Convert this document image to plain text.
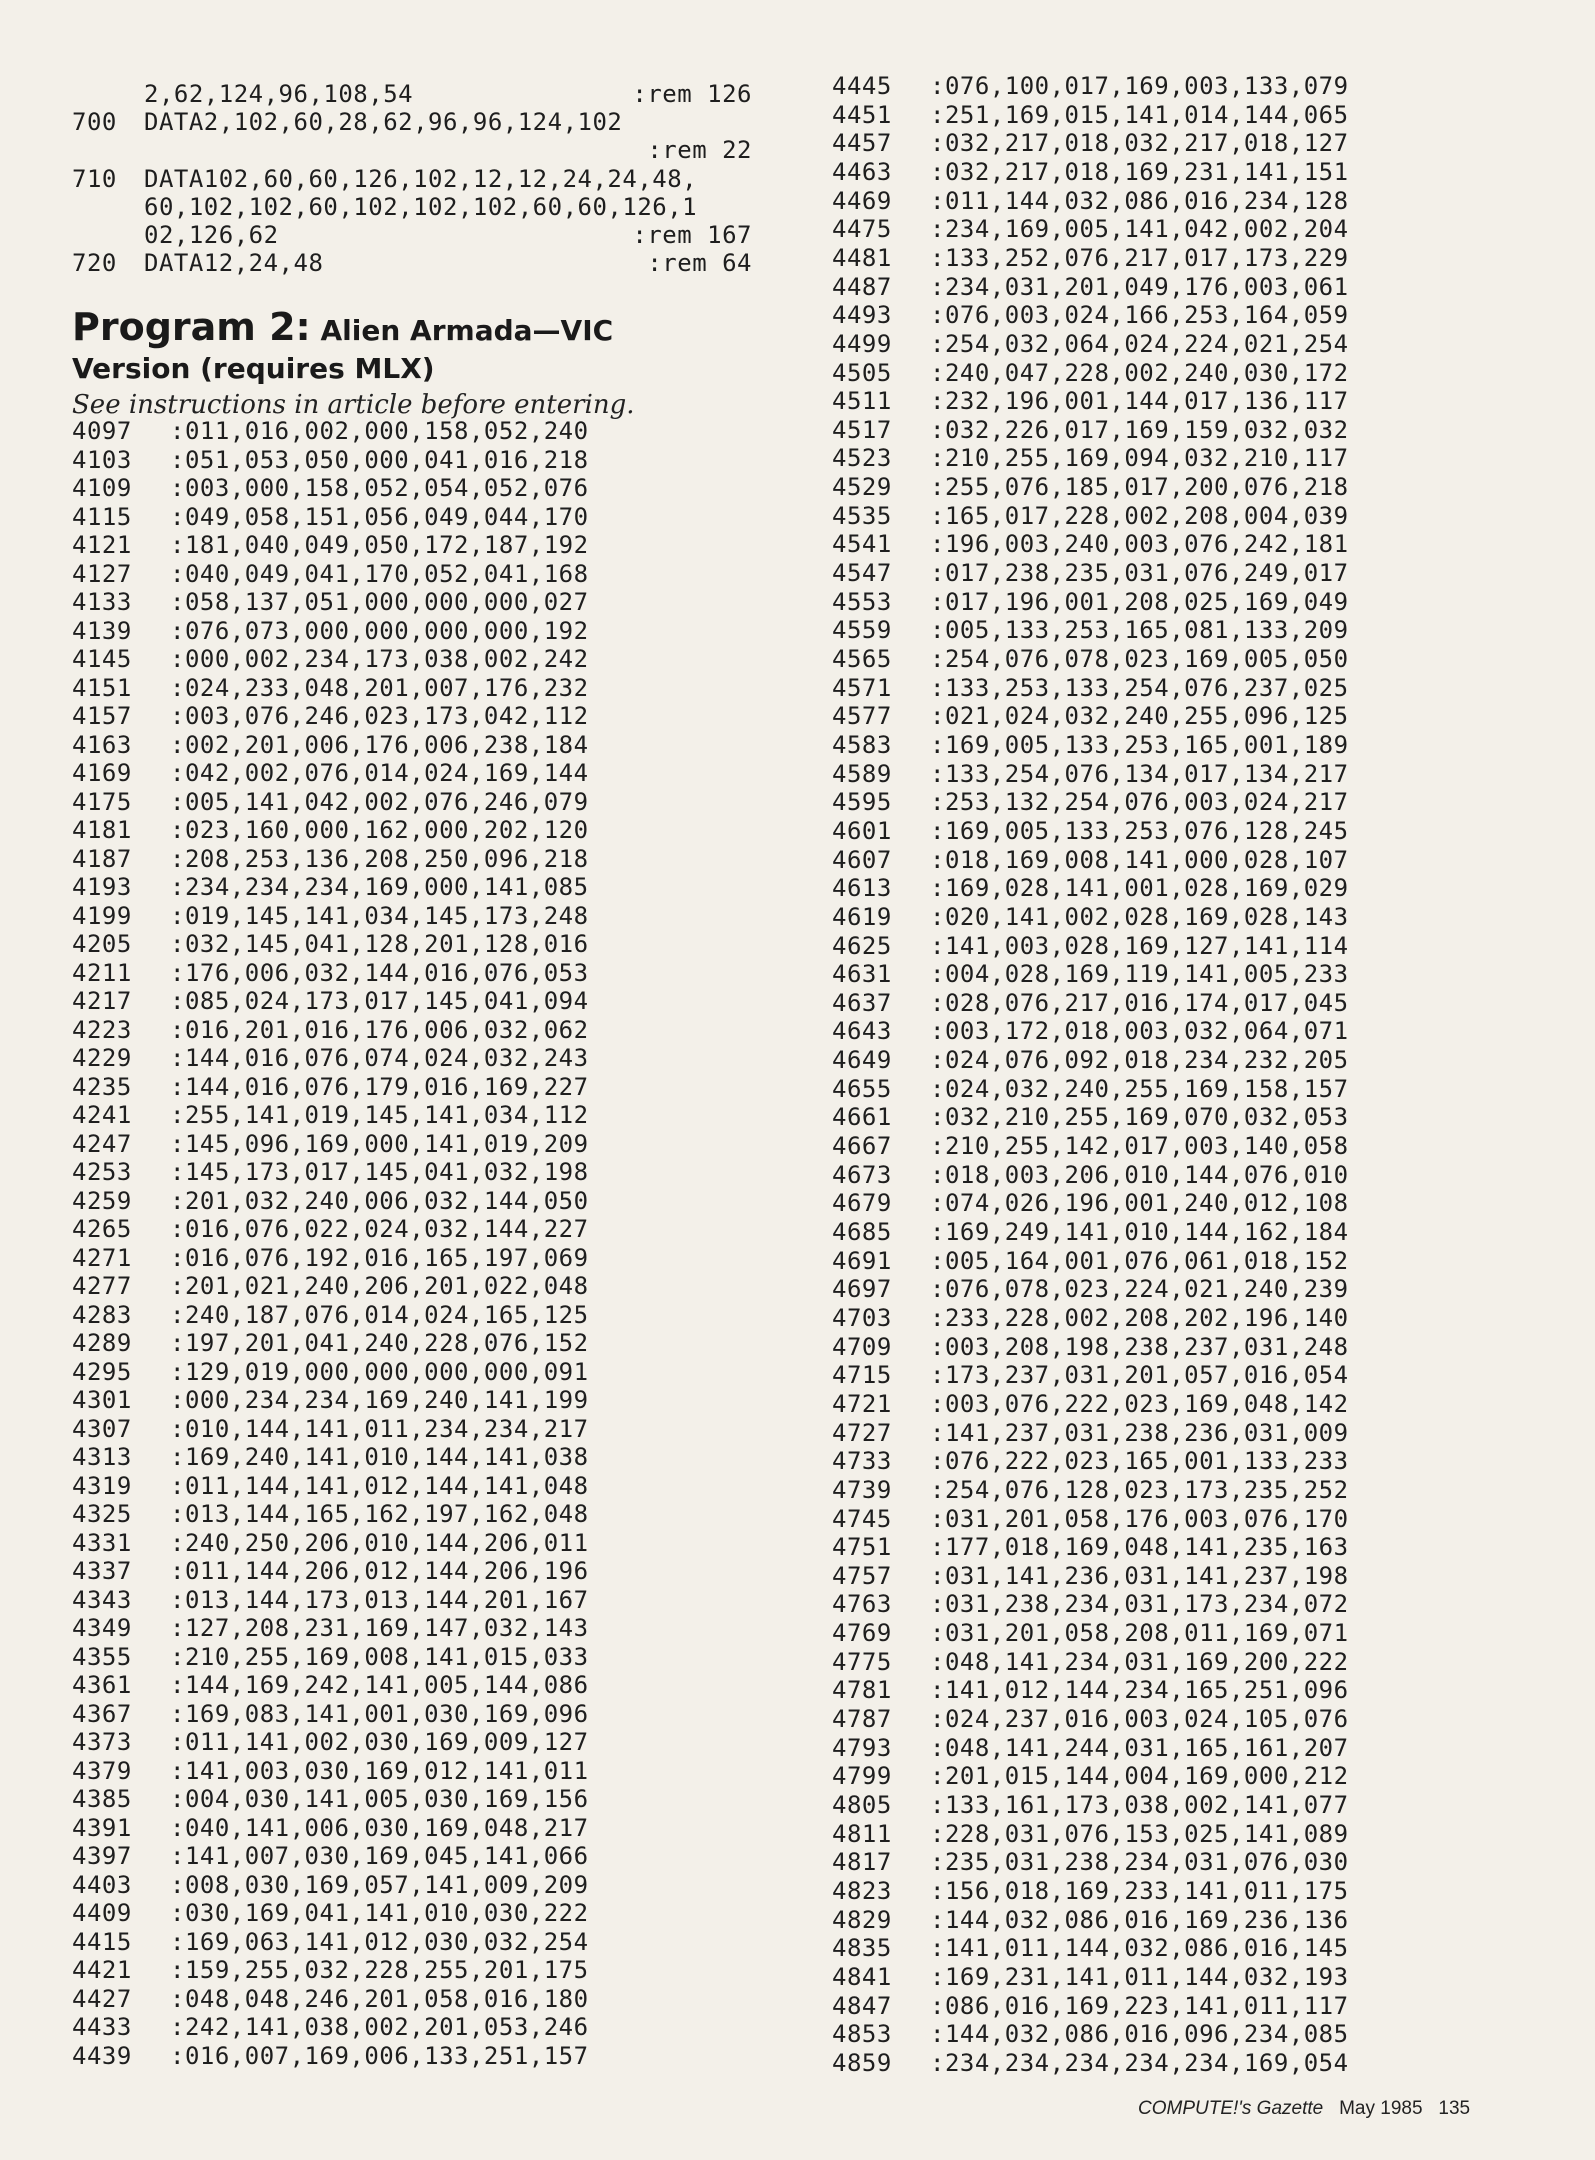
2,62,124,96,108,54	:rem 126
700 DATA2,102,60,28,62,96,96,124,102
:rem 22
710 DATA102,60,60,126,102,12,12,24,24,48,
60,102,102,60,102,102,102,60,60,126,1
02,126,62	:rem 167
720 DATA12,24,48	:rem 64
Program 2: Alien Armada—VIC
Version (requires MLX)
See instructions in article before entering.
4097 :011,016,002,000,158,052,240
4103 :051,053,050,000,041,016,218
4109 :003,000,158,052,054,052,076
4115 :049,058,151,056,049,044,170
4121 :181,040,049,050,172,187,192
4127 :040,049,041,170,052,041,168
4133 :058,137,051,000,000,000,027
4139 :076,073,000,000,000,000,192
4145 :000,002,234,173,038,002,242
4151 :024,233,048,201,007,176,232
4157 :003,076,246,023,173,042,112
4163 :002,201,006,176,006,238,184
4169 :042,002,076,014,024,169,144
4175 :005,141,042,002,076,246,079
4181 :023,160,000,162,000,202,120
4187 :208,253,136,208,250,096,218
4193 :234,234,234,169,000,141,085
4199 :019,145,141,034,145,173,248
4205 :032,145,041,128,201,128,016
4211 :176,006,032,144,016,076,053
4217 :085,024,173,017,145,041,094
4223 :016,201,016,176,006,032,062
4229 :144,016,076,074,024,032,243
4235 :144,016,076,179,016,169,227
4241 :255,141,019,145,141,034,112
4247 :145,096,169,000,141,019,209
4253 :145,173,017,145,041,032,198
4259 :201,032,240,006,032,144,050
4265 :016,076,022,024,032,144,227
4271 :016,076,192,016,165,197,069
4277 :201,021,240,206,201,022,048
4283 :240,187,076,014,024,165,125
4289 :197,201,041,240,228,076,152
4295 :129,019,000,000,000,000,091
4301 :000,234,234,169,240,141,199
4307 :010,144,141,011,234,234,217
4313 :169,240,141,010,144,141,038
4319 :011,144,141,012,144,141,048
4325 :013,144,165,162,197,162,048
4331 :240,250,206,010,144,206,011
4337 :011,144,206,012,144,206,196
4343 :013,144,173,013,144,201,167
4349 :127,208,231,169,147,032,143
4355 :210,255,169,008,141,015,033
4361 :144,169,242,141,005,144,086
4367 :169,083,141,001,030,169,096
4373 :011,141,002,030,169,009,127
4379 :141,003,030,169,012,141,011
4385 :004,030,141,005,030,169,156
4391 :040,141,006,030,169,048,217
4397 :141,007,030,169,045,141,066
4403 :008,030,169,057,141,009,209
4409 :030,169,041,141,010,030,222
4415 :169,063,141,012,030,032,254
4421 :159,255,032,228,255,201,175
4427 :048,048,246,201,058,016,180
4433 :242,141,038,002,201,053,246
4439 :016,007,169,006,133,251,157
4445 :076,100,017,169,003,133,079
4451 :251,169,015,141,014,144,065
4457 :032,217,018,032,217,018,127
4463 :032,217,018,169,231,141,151
4469 :011,144,032,086,016,234,128
4475 :234,169,005,141,042,002,204
4481 :133,252,076,217,017,173,229
4487 :234,031,201,049,176,003,061
4493 :076,003,024,166,253,164,059
4499 :254,032,064,024,224,021,254
4505 :240,047,228,002,240,030,172
4511 :232,196,001,144,017,136,117
4517 :032,226,017,169,159,032,032
4523 :210,255,169,094,032,210,117
4529 :255,076,185,017,200,076,218
4535 :165,017,228,002,208,004,039
4541 :196,003,240,003,076,242,181
4547 :017,238,235,031,076,249,017
4553 :017,196,001,208,025,169,049
4559 :005,133,253,165,081,133,209
4565 :254,076,078,023,169,005,050
4571 :133,253,133,254,076,237,025
4577 :021,024,032,240,255,096,125
4583 :169,005,133,253,165,001,189
4589 :133,254,076,134,017,134,217
4595 :253,132,254,076,003,024,217
4601 :169,005,133,253,076,128,245
4607 :018,169,008,141,000,028,107
4613 :169,028,141,001,028,169,029
4619 :020,141,002,028,169,028,143
4625 :141,003,028,169,127,141,114
4631 :004,028,169,119,141,005,233
4637 :028,076,217,016,174,017,045
4643 :003,172,018,003,032,064,071
4649 :024,076,092,018,234,232,205
4655 :024,032,240,255,169,158,157
4661 :032,210,255,169,070,032,053
4667 :210,255,142,017,003,140,058
4673 :018,003,206,010,144,076,010
4679 :074,026,196,001,240,012,108
4685 :169,249,141,010,144,162,184
4691 :005,164,001,076,061,018,152
4697 :076,078,023,224,021,240,239
4703 :233,228,002,208,202,196,140
4709 :003,208,198,238,237,031,248
4715 :173,237,031,201,057,016,054
4721 :003,076,222,023,169,048,142
4727 :141,237,031,238,236,031,009
4733 :076,222,023,165,001,133,233
4739 :254,076,128,023,173,235,252
4745 :031,201,058,176,003,076,170
4751 :177,018,169,048,141,235,163
4757 :031,141,236,031,141,237,198
4763 :031,238,234,031,173,234,072
4769 :031,201,058,208,011,169,071
4775 :048,141,234,031,169,200,222
4781 :141,012,144,234,165,251,096
4787 :024,237,016,003,024,105,076
4793 :048,141,244,031,165,161,207
4799 :201,015,144,004,169,000,212
4805 :133,161,173,038,002,141,077
4811 :228,031,076,153,025,141,089
4817 :235,031,238,234,031,076,030
4823 :156,018,169,233,141,011,175
4829 :144,032,086,016,169,236,136
4835 :141,011,144,032,086,016,145
4841 :169,231,141,011,144,032,193
4847 :086,016,169,223,141,011,117
4853 :144,032,086,016,096,234,085
4859 :234,234,234,234,234,169,054
COMPUTE!'s Gazette May 1985 135
